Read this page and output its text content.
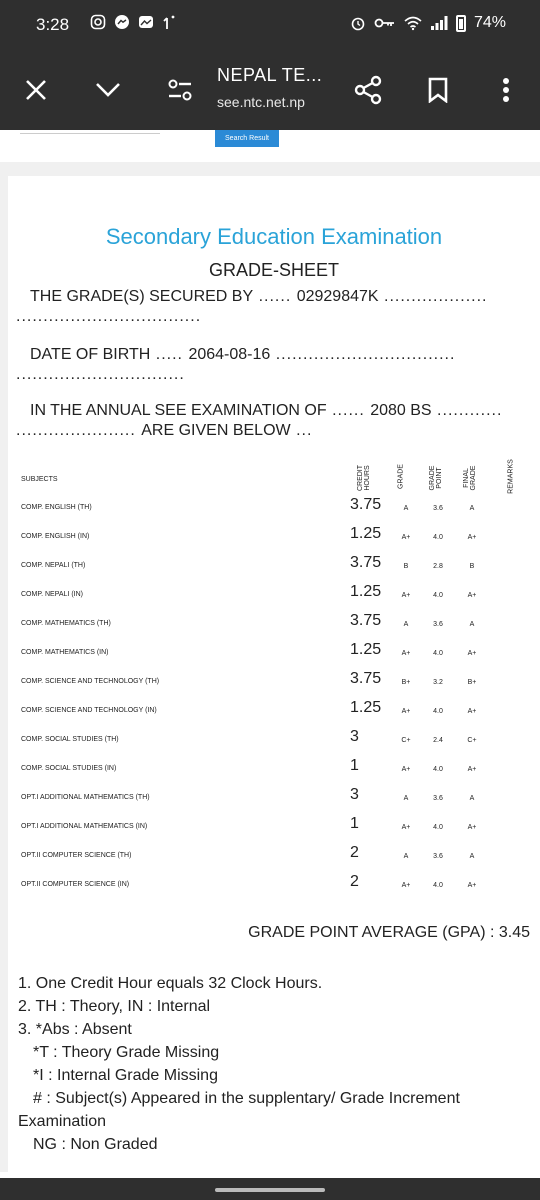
3:28	74%
NEPAL TE...
see.ntc.net.np
Search Result
Secondary Education Examination
GRADE-SHEET
THE GRADE(S) SECURED BY ...... 02929847K ...................
..................................
DATE OF BIRTH ..... 2064-08-16 .................................
...............................
IN THE ANNUAL SEE EXAMINATION OF ...... 2080 BS ............
...................... ARE GIVEN BELOW ...
SUBJECTS	CREDIT HOURS	GRADE	GRADE POINT	FINAL GRADE	REMARKS
COMP. ENGLISH (TH)	3.75	A	3.6	A
COMP. ENGLISH (IN)	1.25	A+	4.0	A+
COMP. NEPALI (TH)	3.75	B	2.8	B
COMP. NEPALI (IN)	1.25	A+	4.0	A+
COMP. MATHEMATICS (TH)	3.75	A	3.6	A
COMP. MATHEMATICS (IN)	1.25	A+	4.0	A+
COMP. SCIENCE AND TECHNOLOGY (TH)	3.75	B+	3.2	B+
COMP. SCIENCE AND TECHNOLOGY (IN)	1.25	A+	4.0	A+
COMP. SOCIAL STUDIES (TH)	3	C+	2.4	C+
COMP. SOCIAL STUDIES (IN)	1	A+	4.0	A+
OPT.I ADDITIONAL MATHEMATICS (TH)	3	A	3.6	A
OPT.I ADDITIONAL MATHEMATICS (IN)	1	A+	4.0	A+
OPT.II COMPUTER SCIENCE (TH)	2	A	3.6	A
OPT.II COMPUTER SCIENCE (IN)	2	A+	4.0	A+
GRADE POINT AVERAGE (GPA) : 3.45
1. One Credit Hour equals 32 Clock Hours.
2. TH : Theory, IN : Internal
3. *Abs : Absent
*T : Theory Grade Missing
*I : Internal Grade Missing
# : Subject(s) Appeared in the supplentary/ Grade Increment
Examination
NG : Non Graded
